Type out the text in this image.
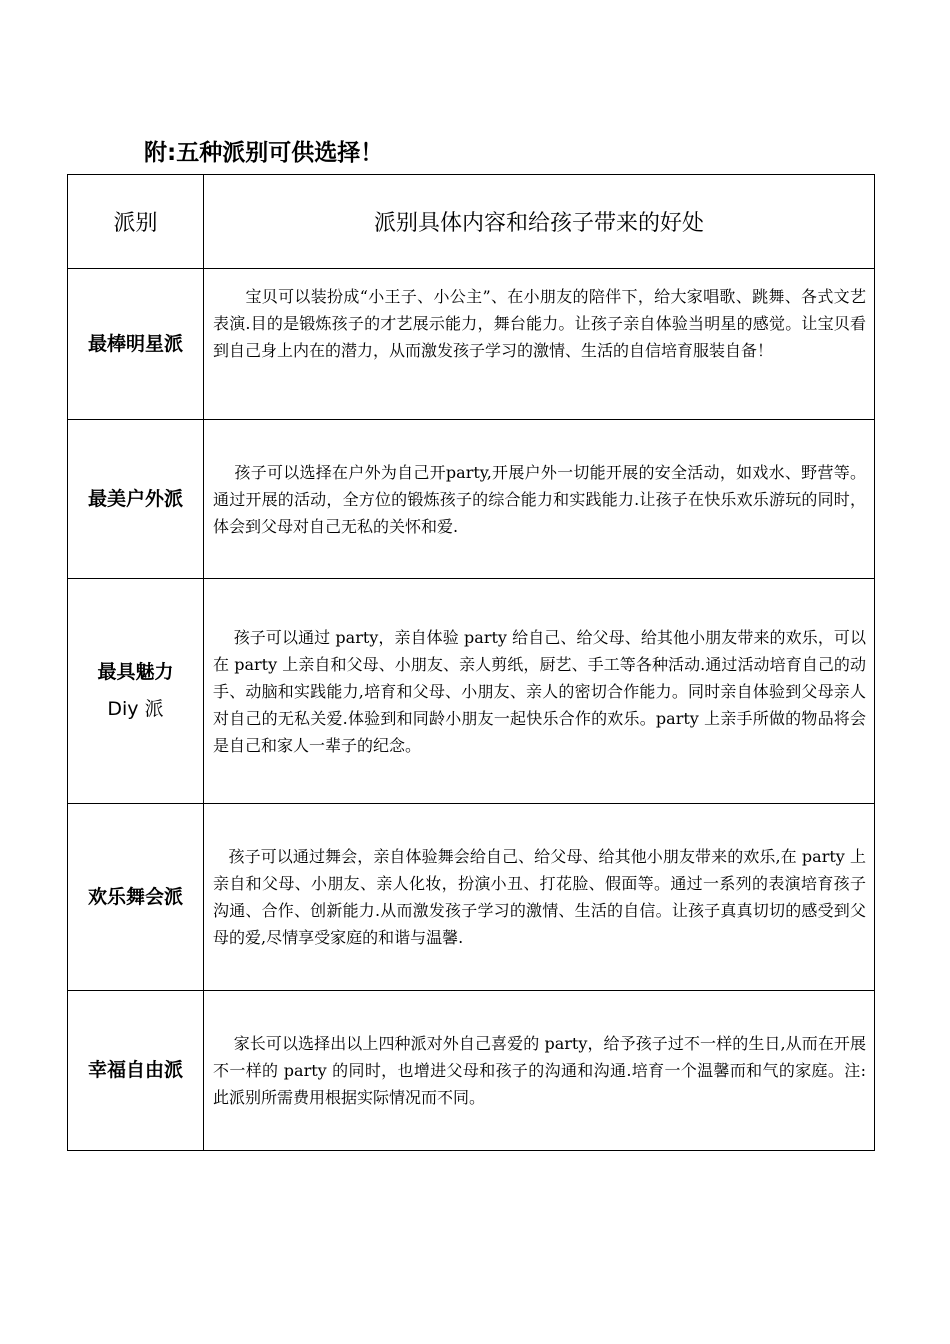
附:五种派别可供选择！
派别	派别具体内容和给孩子带来的好处
最棒明星派	宝贝可以装扮成“小王子、小公主”、在小朋友的陪伴下，给大家唱歌、跳舞、各式文艺表演.目的是锻炼孩子的才艺展示能力，舞台能力。让孩子亲自体验当明星的感觉。让宝贝看到自己身上内在的潜力，从而激发孩子学习的激情、生活的自信培育服装自备！

最美户外派	孩子可以选择在户外为自己开party,开展户外一切能开展的安全活动，如戏水、野营等。通过开展的活动，全方位的锻炼孩子的综合能力和实践能力.让孩子在快乐欢乐游玩的同时，体会到父母对自己无私的关怀和爱.

最具魅力
Diy 派	孩子可以通过 party，亲自体验 party 给自己、给父母、给其他小朋友带来的欢乐，可以在 party 上亲自和父母、小朋友、亲人剪纸，厨艺、手工等各种活动.通过活动培育自己的动手、动脑和实践能力,培育和父母、小朋友、亲人的密切合作能力。同时亲自体验到父母亲人对自己的无私关爱.体验到和同龄小朋友一起快乐合作的欢乐。party 上亲手所做的物品将会是自己和家人一辈子的纪念。

欢乐舞会派	孩子可以通过舞会，亲自体验舞会给自己、给父母、给其他小朋友带来的欢乐,在 party 上亲自和父母、小朋友、亲人化妆，扮演小丑、打花脸、假面等。通过一系列的表演培育孩子沟通、合作、创新能力.从而激发孩子学习的激情、生活的自信。让孩子真真切切的感受到父母的爱,尽情享受家庭的和谐与温馨.

幸福自由派	家长可以选择出以上四种派对外自己喜爱的 party，给予孩子过不一样的生日,从而在开展不一样的 party 的同时，也增进父母和孩子的沟通和沟通.培育一个温馨而和气的家庭。注:此派别所需费用根据实际情况而不同。
